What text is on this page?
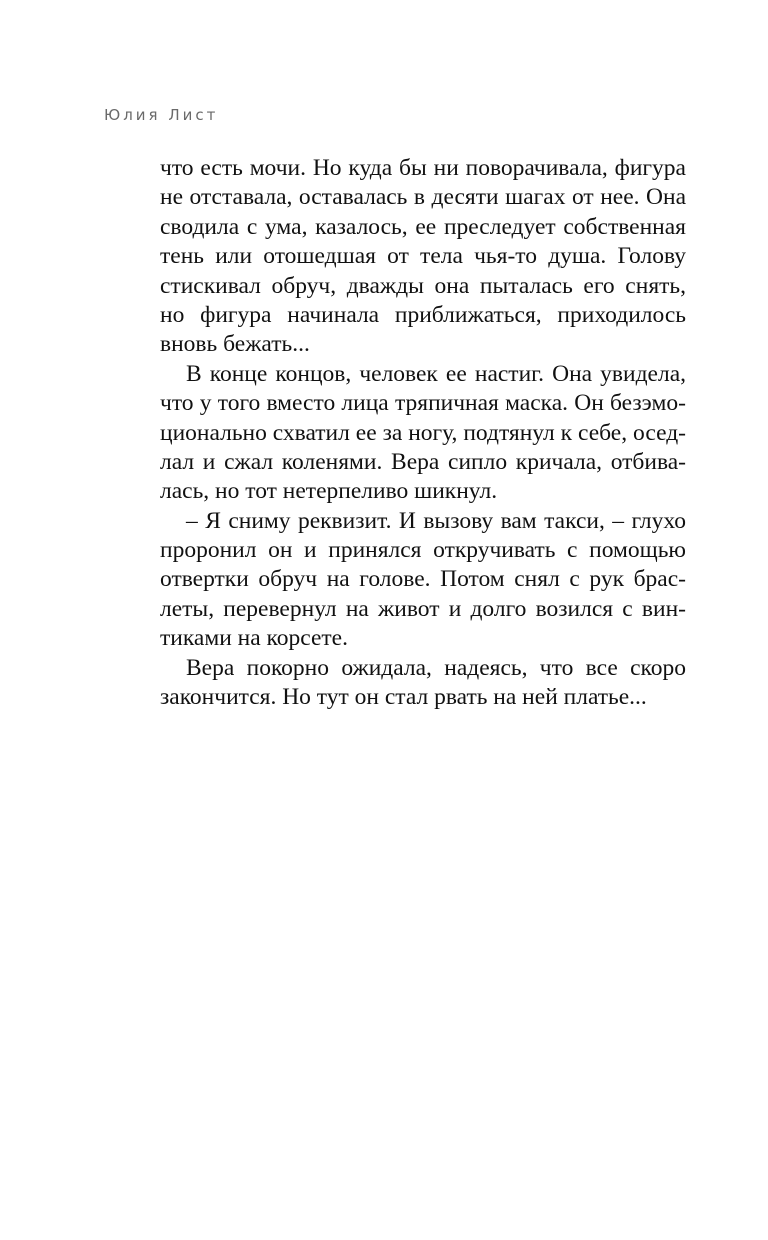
Юлия Лист
что есть мочи. Но куда бы ни поворачивала, фигура
не отставала, оставалась в десяти шагах от нее. Она
сводила с ума, казалось, ее преследует собственная
тень или отошедшая от тела чья-то душа. Голову
стискивал обруч, дважды она пыталась его снять,
но фигура начинала приближаться, приходилось
вновь бежать...
В конце концов, человек ее настиг. Она увидела,
что у того вместо лица тряпичная маска. Он безэмо-
ционально схватил ее за ногу, подтянул к себе, осед-
лал и сжал коленями. Вера сипло кричала, отбива-
лась, но тот нетерпеливо шикнул.
– Я сниму реквизит. И вызову вам такси, – глухо
проронил он и принялся откручивать с помощью
отвертки обруч на голове. Потом снял с рук брас-
леты, перевернул на живот и долго возился с вин-
тиками на корсете.
Вера покорно ожидала, надеясь, что все скоро
закончится. Но тут он стал рвать на ней платье...
